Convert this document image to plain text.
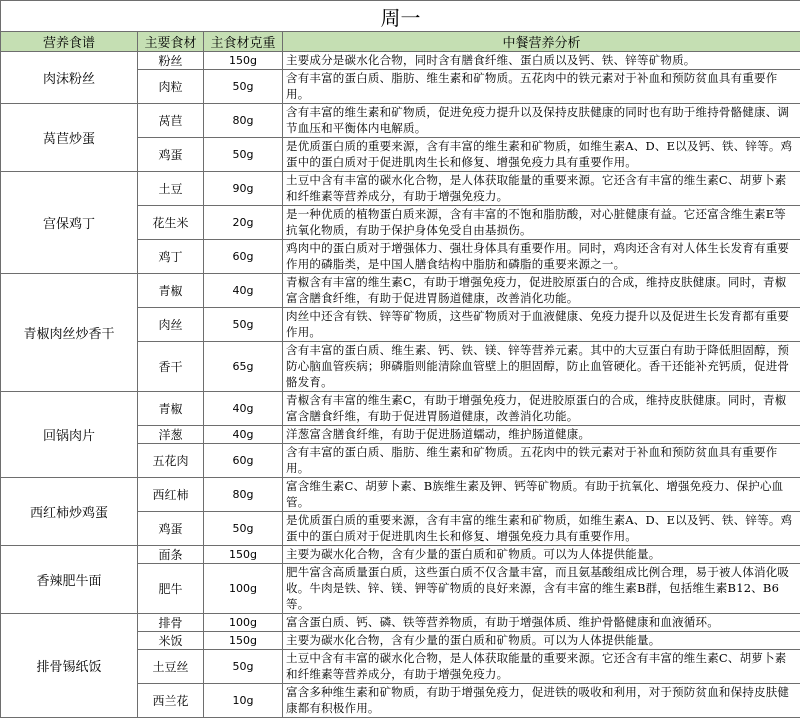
周一			
营养食谱	主要食材	主食材克重	中餐营养分析
肉沫粉丝	粉丝	150g	主要成分是碳水化合物，同时含有膳食纤维、蛋白质以及钙、铁、锌等矿物质。
	肉粒	50g	含有丰富的蛋白质、脂肪、维生素和矿物质。五花肉中的铁元素对于补血和预防贫血具有重要作用。
莴苣炒蛋	莴苣	80g	含有丰富的维生素和矿物质，促进免疫力提升以及保持皮肤健康的同时也有助于维持骨骼健康、调节血压和平衡体内电解质。
	鸡蛋	50g	是优质蛋白质的重要来源，含有丰富的维生素和矿物质，如维生素A、D、E以及钙、铁、锌等。鸡蛋中的蛋白质对于促进肌肉生长和修复、增强免疫力具有重要作用。
宫保鸡丁	土豆	90g	土豆中含有丰富的碳水化合物，是人体获取能量的重要来源。它还含有丰富的维生素C、胡萝卜素和纤维素等营养成分，有助于增强免疫力。
	花生米	20g	是一种优质的植物蛋白质来源，含有丰富的不饱和脂肪酸，对心脏健康有益。它还富含维生素E等抗氧化物质，有助于保护身体免受自由基损伤。
	鸡丁	60g	鸡肉中的蛋白质对于增强体力、强壮身体具有重要作用。同时，鸡肉还含有对人体生长发育有重要作用的磷脂类，是中国人膳食结构中脂肪和磷脂的重要来源之一。
青椒肉丝炒香干	青椒	40g	青椒含有丰富的维生素C，有助于增强免疫力，促进胶原蛋白的合成，维持皮肤健康。同时，青椒富含膳食纤维，有助于促进胃肠道健康，改善消化功能。
	肉丝	50g	肉丝中还含有铁、锌等矿物质，这些矿物质对于血液健康、免疫力提升以及促进生长发育都有重要作用。
	香干	65g	含有丰富的蛋白质、维生素、钙、铁、镁、锌等营养元素。其中的大豆蛋白有助于降低胆固醇，预防心脑血管疾病；卵磷脂则能清除血管壁上的胆固醇，防止血管硬化。香干还能补充钙质，促进骨骼发育。
回锅肉片	青椒	40g	青椒含有丰富的维生素C，有助于增强免疫力，促进胶原蛋白的合成，维持皮肤健康。同时，青椒富含膳食纤维，有助于促进胃肠道健康，改善消化功能。
	洋葱	40g	洋葱富含膳食纤维，有助于促进肠道蠕动，维护肠道健康。
	五花肉	60g	含有丰富的蛋白质、脂肪、维生素和矿物质。五花肉中的铁元素对于补血和预防贫血具有重要作用。
西红柿炒鸡蛋	西红柿	80g	富含维生素C、胡萝卜素、B族维生素及钾、钙等矿物质。有助于抗氧化、增强免疫力、保护心血管。
	鸡蛋	50g	是优质蛋白质的重要来源，含有丰富的维生素和矿物质，如维生素A、D、E以及钙、铁、锌等。鸡蛋中的蛋白质对于促进肌肉生长和修复、增强免疫力具有重要作用。
香辣肥牛面	面条	150g	主要为碳水化合物，含有少量的蛋白质和矿物质。可以为人体提供能量。
	肥牛	100g	肥牛富含高质量蛋白质，这些蛋白质不仅含量丰富，而且氨基酸组成比例合理，易于被人体消化吸收。牛肉是铁、锌、镁、钾等矿物质的良好来源，含有丰富的维生素B群，包括维生素B12、B6等。
排骨锡纸饭	排骨	100g	富含蛋白质、钙、磷、铁等营养物质，有助于增强体质、维护骨骼健康和血液循环。
	米饭	150g	主要为碳水化合物，含有少量的蛋白质和矿物质。可以为人体提供能量。
	土豆丝	50g	土豆中含有丰富的碳水化合物，是人体获取能量的重要来源。它还含有丰富的维生素C、胡萝卜素和纤维素等营养成分，有助于增强免疫力。
	西兰花	10g	富含多种维生素和矿物质，有助于增强免疫力，促进铁的吸收和利用，对于预防贫血和保持皮肤健康都有积极作用。
